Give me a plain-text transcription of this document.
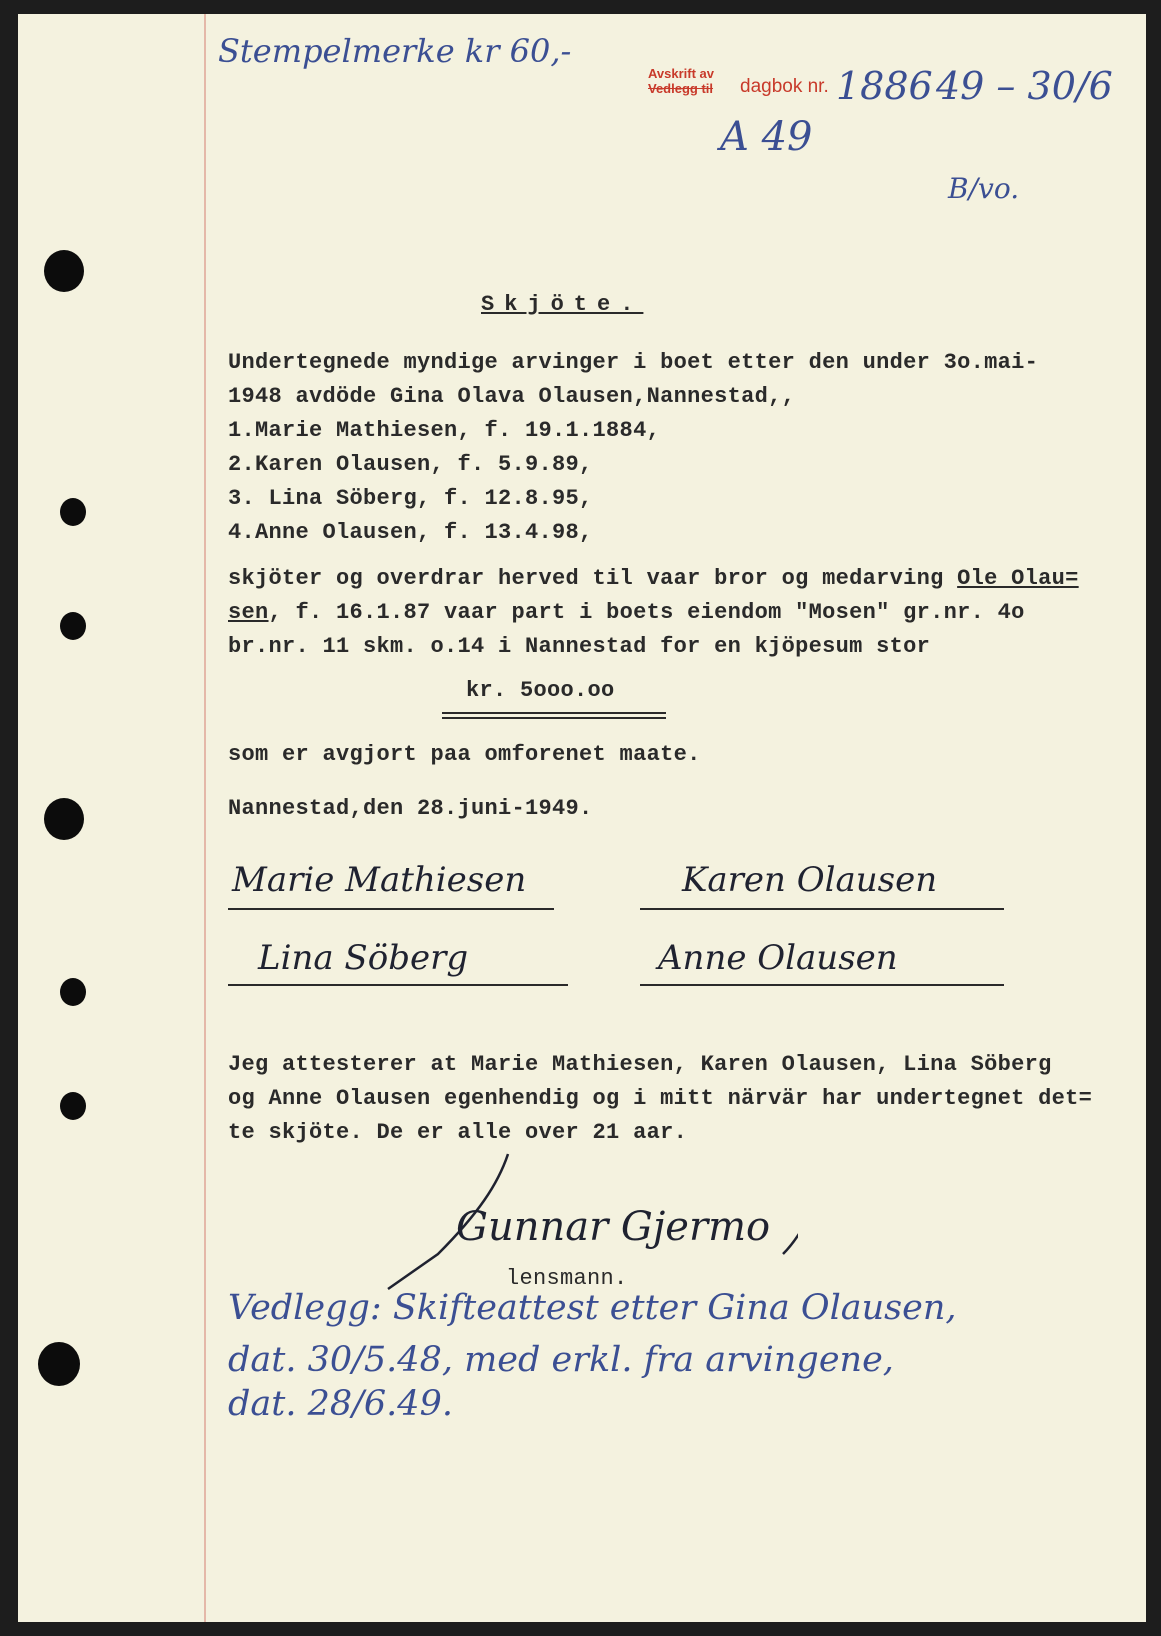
Stempelmerke kr 60,-
Avskrift av
Vedlegg til dagbok nr. 1886 49 – 30/6
A 49
B/vo.
Skjöte.
Undertegnede myndige arvinger i boet etter den under 3o.mai-
1948 avdöde Gina Olava Olausen,Nannestad,,
1.Marie Mathiesen, f. 19.1.1884,
2.Karen Olausen, f. 5.9.89,
3. Lina Söberg, f. 12.8.95,
4.Anne Olausen, f. 13.4.98,
skjöter og overdrar herved til vaar bror og medarving Ole Olau=
sen, f. 16.1.87 vaar part i boets eiendom "Mosen" gr.nr. 4o
br.nr. 11 skm. o.14 i Nannestad for en kjöpesum stor
kr. 5ooo.oo
som er avgjort paa omforenet maate.
Nannestad,den 28.juni-1949.
Marie Mathiesen	Karen Olausen
Lina Söberg	Anne Olausen
Jeg attesterer at Marie Mathiesen, Karen Olausen, Lina Söberg
og Anne Olausen egenhendig og i mitt närvär har undertegnet det=
te skjöte. De er alle over 21 aar.
Gunnar Gjermo
lensmann.
Vedlegg: Skifteattest etter Gina Olausen,
dat. 30/5.48, med erkl. fra arvingene,
dat. 28/6.49.
